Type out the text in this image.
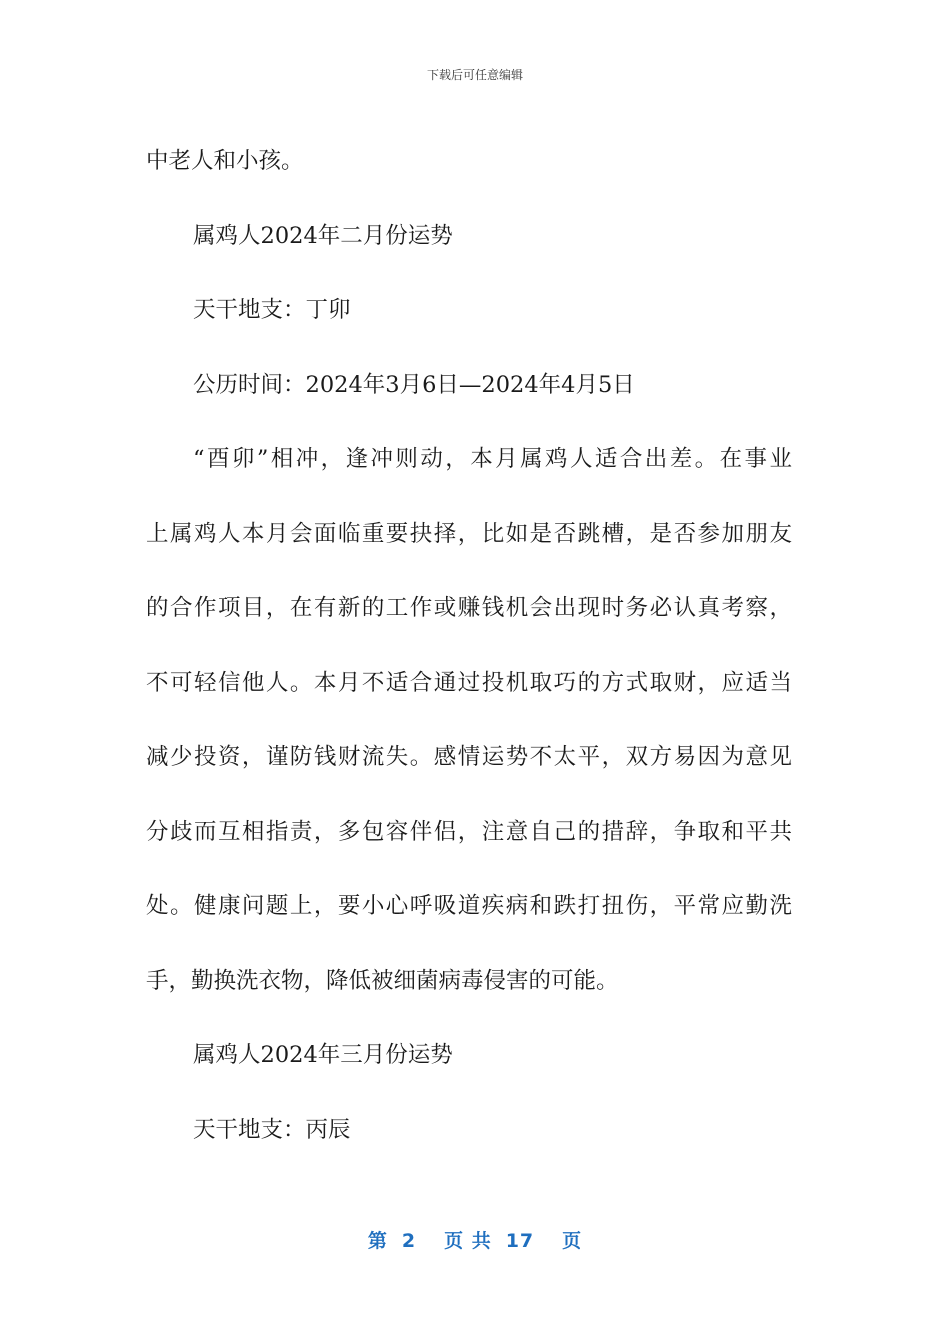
下载后可任意编辑
中老人和小孩。
属鸡人2024年二月份运势
天干地支：丁卯
公历时间：2024年3月6日—2024年4月5日
“酉卯”相冲，逢冲则动，本月属鸡人适合出差。在事业
上属鸡人本月会面临重要抉择，比如是否跳槽，是否参加朋友
的合作项目，在有新的工作或赚钱机会出现时务必认真考察，
不可轻信他人。本月不适合通过投机取巧的方式取财，应适当
减少投资，谨防钱财流失。感情运势不太平，双方易因为意见
分歧而互相指责，多包容伴侣，注意自己的措辞，争取和平共
处。健康问题上，要小心呼吸道疾病和跌打扭伤，平常应勤洗
手，勤换洗衣物，降低被细菌病毒侵害的可能。
属鸡人2024年三月份运势
天干地支：丙辰
第 2 页 共 17 页
